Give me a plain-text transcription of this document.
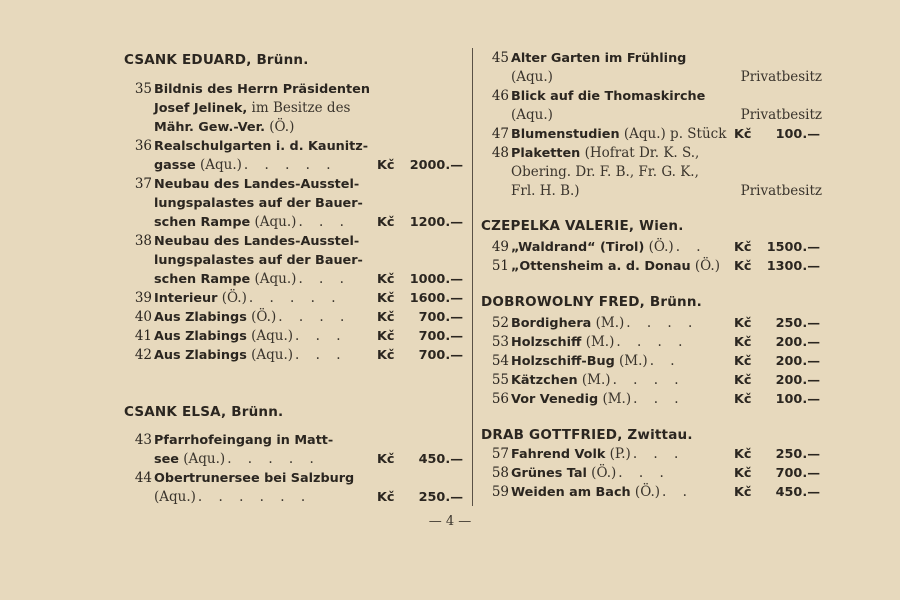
CSANK EDUARD, Brünn.
35 Bildnis des Herrn Präsidenten
Josef Jelinek, im Besitze des
Mähr. Gew.-Ver. (Ö.)
36 Realschulgarten i. d. Kaunitz-
gasse (Aqu.) . . . . .	Kč 2000.—
37 Neubau des Landes-Ausstel-
lungspalastes auf der Bauer-
schen Rampe (Aqu.) . . . Kč 1200.—
38 Neubau des Landes-Ausstel-
lungspalastes auf der Bauer-
schen Rampe (Aqu.) . . . Kč 1000.—
39 Interieur (Ö.) . . . . .	Kč 1600.—
40 Aus Zlabings (Ö.) . . . . Kč 700.—
41 Aus Zlabings (Aqu.) . . . Kč 700.—
42 Aus Zlabings (Aqu.) . . . Kč 700.—
CSANK ELSA, Brünn.
43 Pfarrhofeingang in Matt-
see (Aqu.) . . . . .	Kč 450.—
44 Obertrunersee bei Salzburg
(Aqu.) . . . . . .	Kč 250.—
45 Alter Garten im Frühling
(Aqu.)	Privatbesitz
46 Blick auf die Thomaskirche
(Aqu.)	Privatbesitz
47 Blumenstudien (Aqu.) p. Stück Kč 100.—
48 Plaketten (Hofrat Dr. K. S.,
Obering. Dr. F. B., Fr. G. K.,
Frl. H. B.)	Privatbesitz
CZEPELKA VALERIE, Wien.
49 „Waldrand“ (Tirol) (Ö.) . . Kč 1500.—
51 „Ottensheim a. d. Donau (Ö.) Kč 1300.—
DOBROWOLNY FRED, Brünn.
52 Bordighera (M.) . . . .	Kč 250.—
53 Holzschiff (M.) . . . .	Kč 200.—
54 Holzschiff-Bug (M.) . .	Kč 200.—
55 Kätzchen (M.) . . . .	Kč 200.—
56 Vor Venedig (M.) . . .	Kč 100.—
DRAB GOTTFRIED, Zwittau.
57 Fahrend Volk (P.) . . .	Kč 250.—
58 Grünes Tal (Ö.) . . .	Kč 700.—
59 Weiden am Bach (Ö.) . .	Kč 450.—
— 4 —
